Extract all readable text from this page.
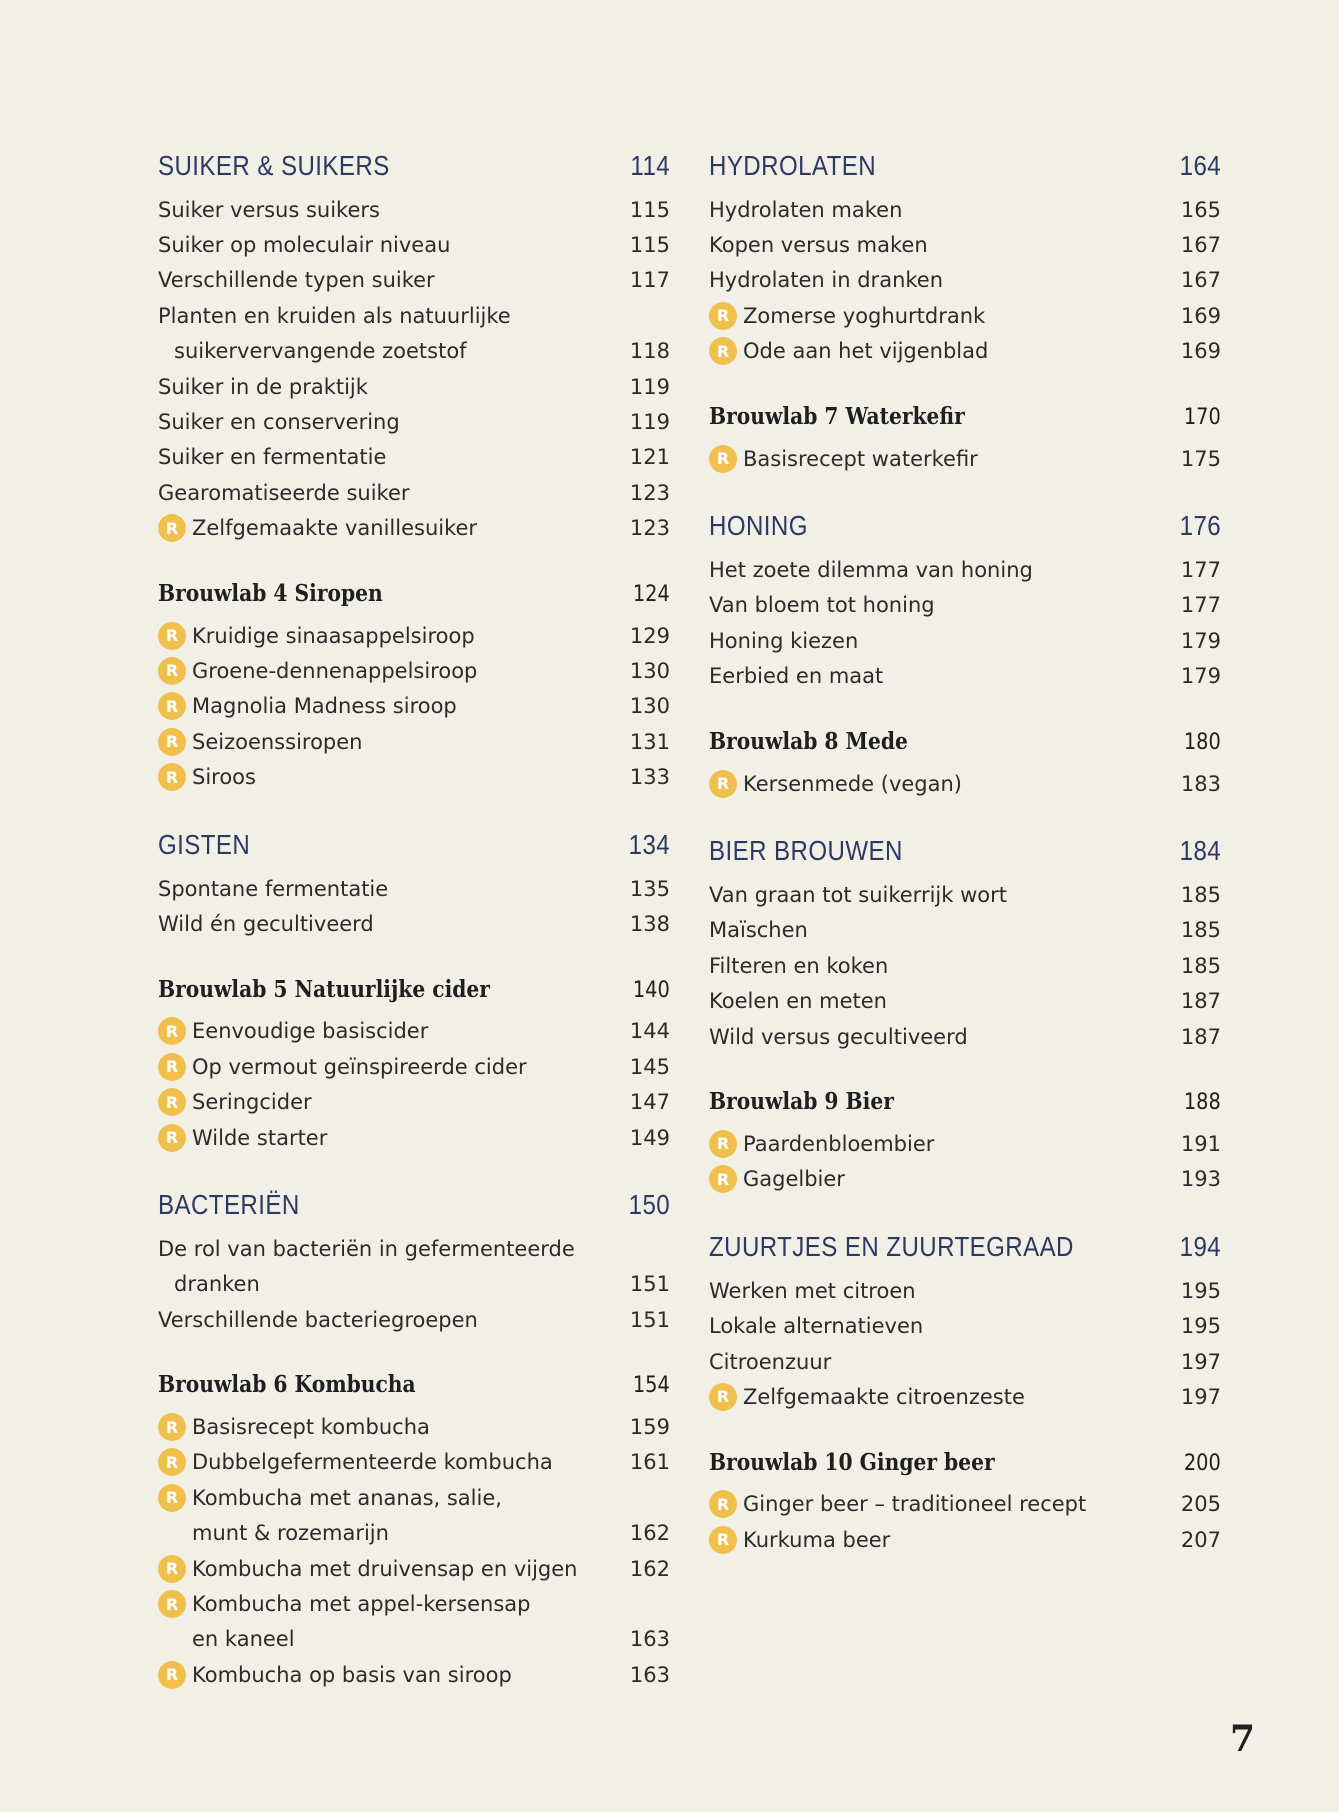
SUIKER & SUIKERS	114
Suiker versus suikers	115
Suiker op moleculair niveau	115
Verschillende typen suiker	117
Planten en kruiden als natuurlijke
suikervervangende zoetstof	118
Suiker in de praktijk	119
Suiker en conservering	119
Suiker en fermentatie	121
Gearomatiseerde suiker	123
R Zelfgemaakte vanillesuiker	123
Brouwlab 4 Siropen	124
R Kruidige sinaasappelsiroop	129
R Groene-dennenappelsiroop	130
R Magnolia Madness siroop	130
R Seizoenssiropen	131
R Siroos	133
GISTEN	134
Spontane fermentatie	135
Wild én gecultiveerd	138
Brouwlab 5 Natuurlijke cider	140
R Eenvoudige basiscider	144
R Op vermout geïnspireerde cider	145
R Seringcider	147
R Wilde starter	149
BACTERIËN	150
De rol van bacteriën in gefermenteerde
dranken	151
Verschillende bacteriegroepen	151
Brouwlab 6 Kombucha	154
R Basisrecept kombucha	159
R Dubbelgefermenteerde kombucha	161
R Kombucha met ananas, salie,
munt & rozemarijn	162
R Kombucha met druivensap en vijgen 162
R Kombucha met appel-kersensap
en kaneel	163
R Kombucha op basis van siroop	163
HYDROLATEN	164
Hydrolaten maken	165
Kopen versus maken	167
Hydrolaten in dranken	167
R Zomerse yoghurtdrank	169
R Ode aan het vijgenblad	169
Brouwlab 7 Waterkefir	170
R Basisrecept waterkefir	175
HONING	176
Het zoete dilemma van honing	177
Van bloem tot honing	177
Honing kiezen	179
Eerbied en maat	179
Brouwlab 8 Mede	180
R Kersenmede (vegan)	183
BIER BROUWEN	184
Van graan tot suikerrijk wort	185
Maïschen	185
Filteren en koken	185
Koelen en meten	187
Wild versus gecultiveerd	187
Brouwlab 9 Bier	188
R Paardenbloembier	191
R Gagelbier	193
ZUURTJES EN ZUURTEGRAAD	194
Werken met citroen	195
Lokale alternatieven	195
Citroenzuur	197
R Zelfgemaakte citroenzeste	197
Brouwlab 10 Ginger beer	200
R Ginger beer – traditioneel recept	205
R Kurkuma beer	207
7
